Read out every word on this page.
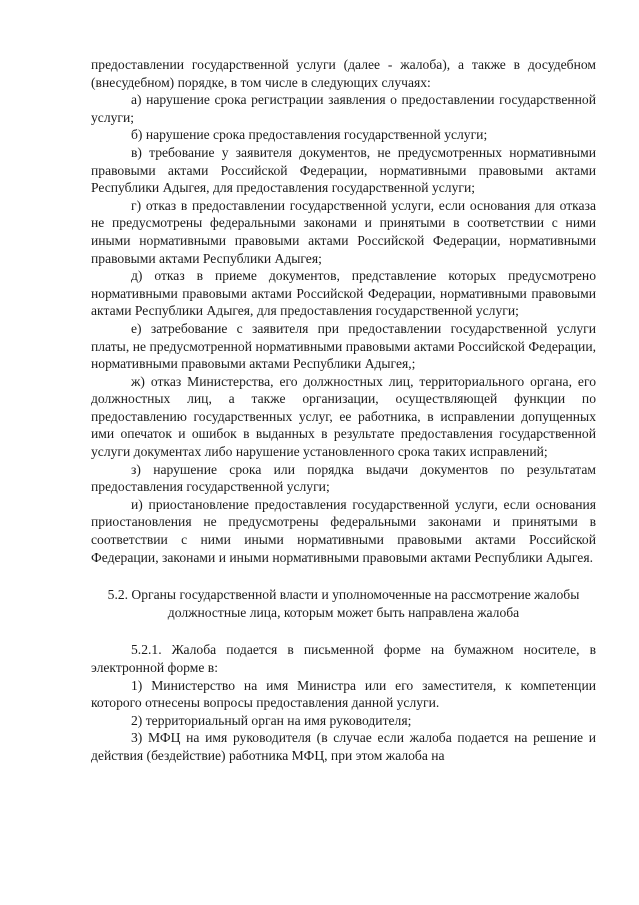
предоставлении государственной услуги (далее - жалоба), а также в досудебном (внесудебном) порядке, в том числе в следующих случаях:

а) нарушение срока регистрации заявления о предоставлении государственной услуги;

б) нарушение срока предоставления государственной услуги;

в) требование у заявителя документов, не предусмотренных нормативными правовыми актами Российской Федерации, нормативными правовыми актами Республики Адыгея, для предоставления государственной услуги;

г) отказ в предоставлении государственной услуги, если основания для отказа не предусмотрены федеральными законами и принятыми в соответствии с ними иными нормативными правовыми актами Российской Федерации, нормативными правовыми актами Республики Адыгея;

д) отказ в приеме документов, представление которых предусмотрено нормативными правовыми актами Российской Федерации, нормативными правовыми актами Республики Адыгея, для предоставления государственной услуги;

е) затребование с заявителя при предоставлении государственной услуги платы, не предусмотренной нормативными правовыми актами Российской Федерации, нормативными правовыми актами Республики Адыгея,;

ж) отказ Министерства, его должностных лиц, территориального органа, его должностных лиц, а также организации, осуществляющей функции по предоставлению государственных услуг, ее работника, в исправлении допущенных ими опечаток и ошибок в выданных в результате предоставления государственной услуги документах либо нарушение установленного срока таких исправлений;

з) нарушение срока или порядка выдачи документов по результатам предоставления государственной услуги;

и) приостановление предоставления государственной услуги, если основания приостановления не предусмотрены федеральными законами и принятыми в соответствии с ними иными нормативными правовыми актами Российской Федерации, законами и иными нормативными правовыми актами Республики Адыгея.

5.2. Органы государственной власти и уполномоченные на рассмотрение жалобы должностные лица, которым может быть направлена жалоба

5.2.1. Жалоба подается в письменной форме на бумажном носителе, в электронной форме в:

1) Министерство на имя Министра или его заместителя, к компетенции которого отнесены вопросы предоставления данной услуги.

2) территориальный орган на имя руководителя;

3) МФЦ на имя руководителя (в случае если жалоба подается на решение и действия (бездействие) работника МФЦ, при этом жалоба на
